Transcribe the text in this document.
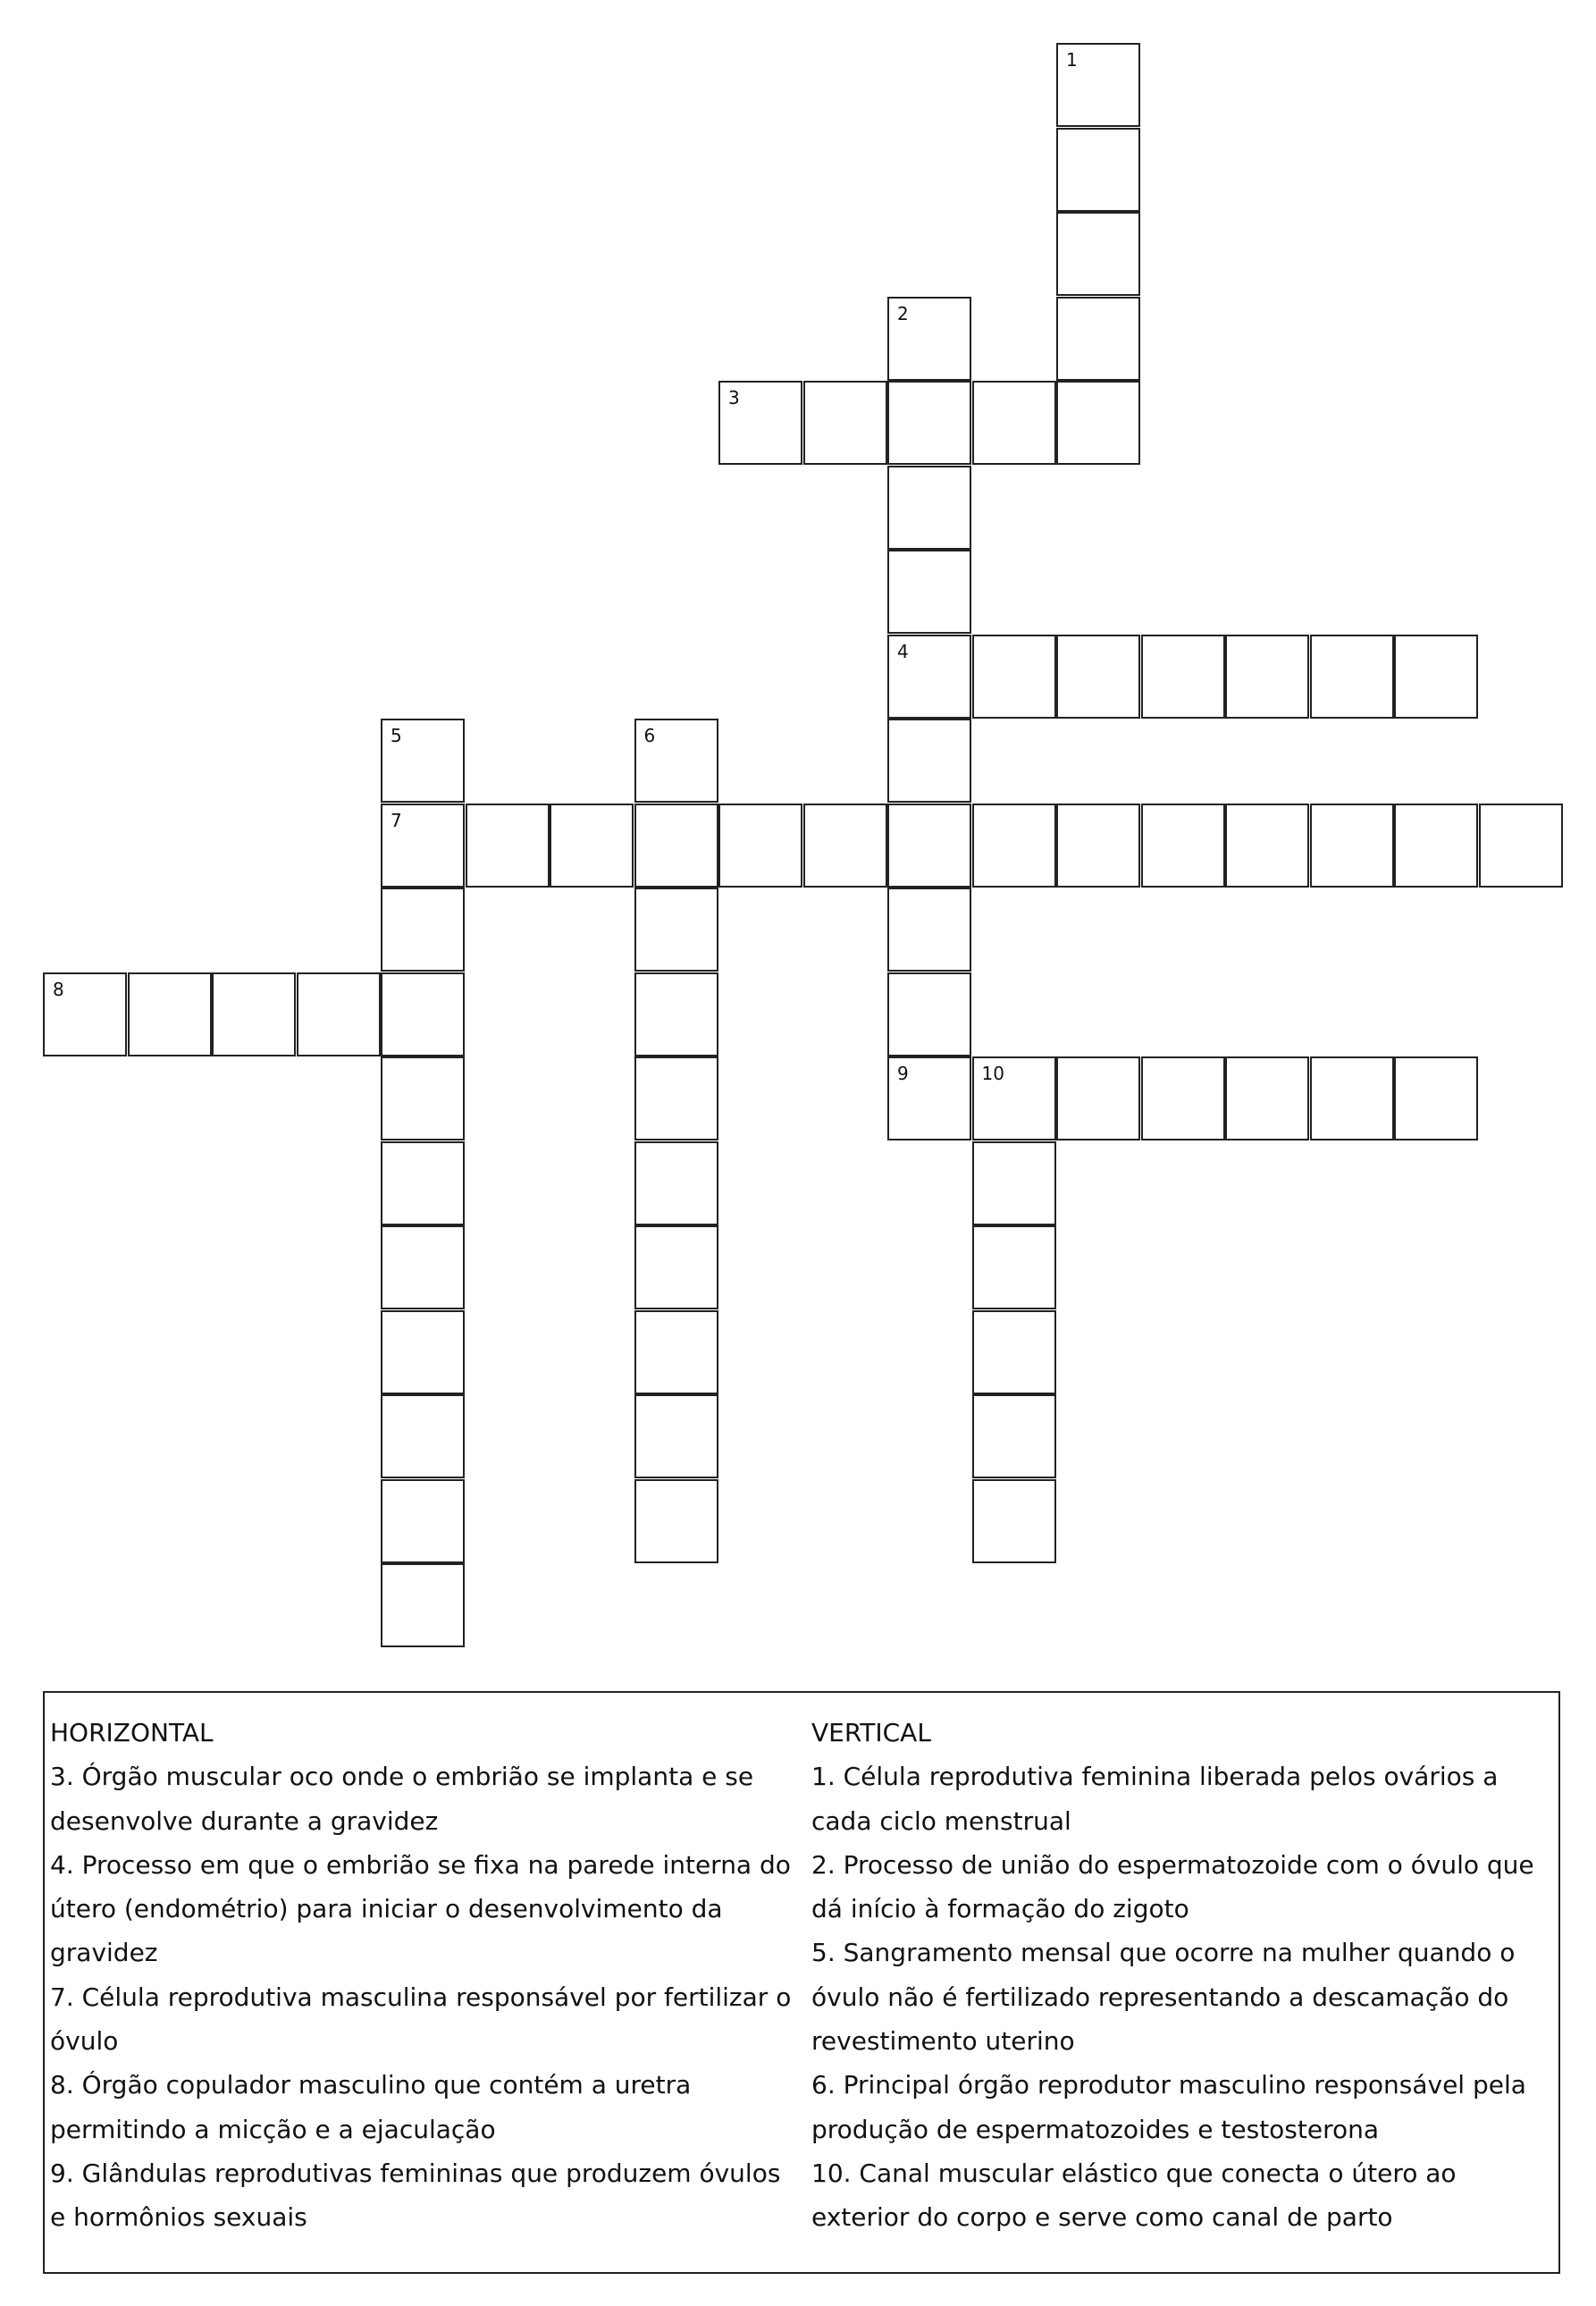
1
2
4
3
5
7
6
8
9	10
HORIZONTAL
3. Órgão muscular oco onde o embrião se implanta e se desenvolve durante a gravidez
4. Processo em que o embrião se fixa na parede interna do útero (endométrio) para iniciar o desenvolvimento da gravidez
7. Célula reprodutiva masculina responsável por fertilizar o óvulo
8. Órgão copulador masculino que contém a uretra permitindo a micção e a ejaculação
9. Glândulas reprodutivas femininas que produzem óvulos e hormônios sexuais
VERTICAL
1. Célula reprodutiva feminina liberada pelos ovários a cada ciclo menstrual
2. Processo de união do espermatozoide com o óvulo que dá início à formação do zigoto
5. Sangramento mensal que ocorre na mulher quando o óvulo não é fertilizado representando a descamação do revestimento uterino
6. Principal órgão reprodutor masculino responsável pela produção de espermatozoides e testosterona
10. Canal muscular elástico que conecta o útero ao exterior do corpo e serve como canal de parto
